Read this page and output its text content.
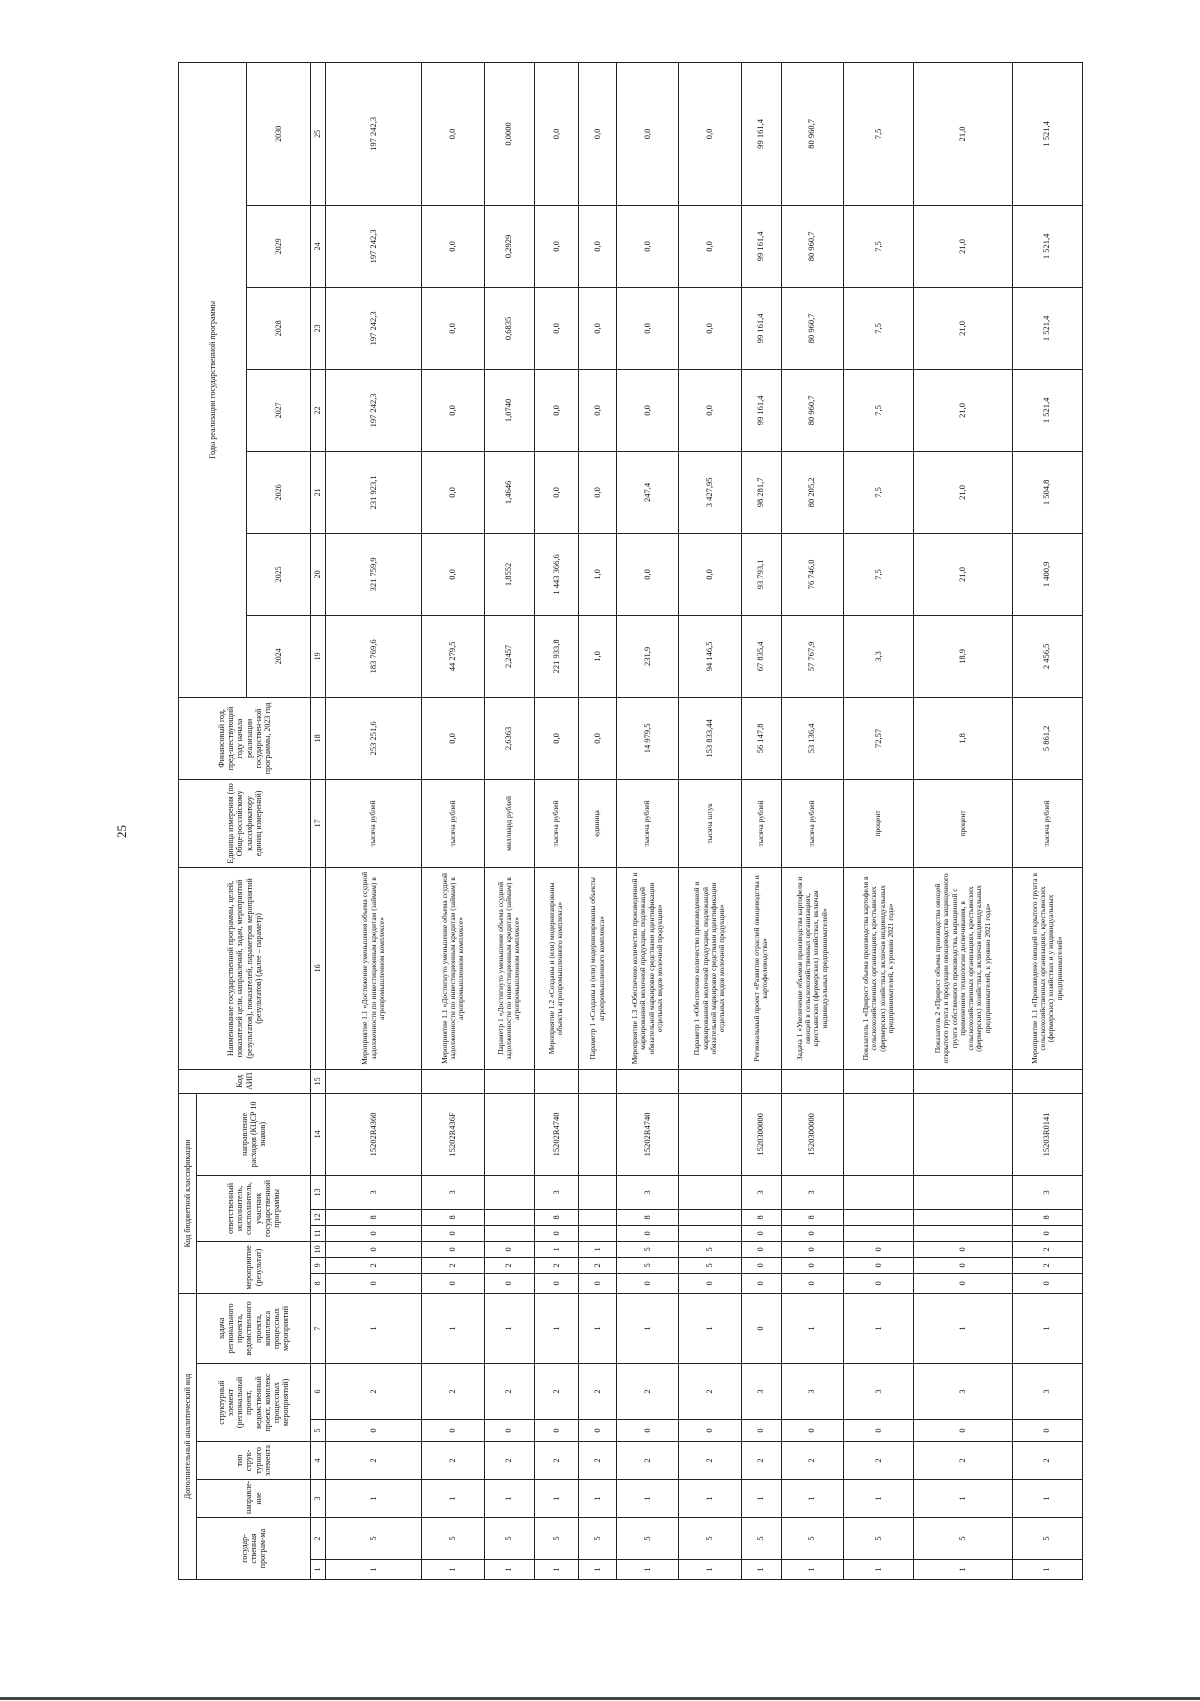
25
Дополнительный аналитический код							Код бюджетной классификации							Код АИП	Наименование государственной программы, целей, показателей цели, направлений, задач, мероприятий (результатов), показателей, параметров мероприятий (результатов) (далее – параметр)	Единица измерения (по Обще-российскому классификатору единиц измерений)	Финансовый год, пред-шествующий году начала реализации государствен-ной программы, 2023 год	Годы реализации государственной программы						
государ-ственная програм-ма		направле-ние	тип струк-турного элемента	структурный элемент (региональный проект, ведомственный проект, комплекс процессных мероприятий)		задача регионального проекта, ведомственного проекта, комплекса процессных мероприятий	мероприятие (результат)			ответственный исполнитель, соисполнитель, участник государственной программы			направление расходов (КЦСР 10 знаков)											
																		2024	2025	2026	2027	2028	2029	2030
1	2	3	4	5	6	7	8	9	10	11	12	13	14	15	16	17	18	19	20	21	22	23	24	25
1	5	1	2	0	2	1	0	2	0	0	8	3	15202R4360		Мероприятие 1.1 «Достижение уменьшения объема ссудной задолженности по инвестиционным кредитам (займам) в агропромышленном комплексе»	тысяча рублей	253 251,6	183 769,6	321 759,9	231 923,1	197 242,3	197 242,3	197 242,3	197 242,3
1	5	1	2	0	2	1	0	2	0	0	8	3	15202R436F		Мероприятие 1.1 «Достигнуто уменьшение объема ссудной задолженности по инвестиционным кредитам (займам) в агропромышленном комплексе»	тысяча рублей	0,0	44 279,5	0,0	0,0	0,0	0,0	0,0	0,0
1	5	1	2	0	2	1	0	2	0						Параметр 1 «Достигнуто уменьшение объема ссудной задолженности по инвестиционным кредитам (займам) в агропромышленном комплексе»	миллиард рублей	2,6363	2,2457	1,8552	1,4646	1,0740	0,6835	0,2929	0,0000
1	5	1	2	0	2	1	0	2	1	0	8	3	15202R4740		Мероприятие 1.2 «Созданы и (или) модернизированы объекты агропромышленного комплекса»	тысяча рублей	0,0	221 933,8	1 443 366,6	0,0	0,0	0,0	0,0	0,0
1	5	1	2	0	2	1	0	2	1						Параметр 1 «Созданы и (или) модернизированы объекты агропромышленного комплекса»	единица	0,0	1,0	1,0	0,0	0,0	0,0	0,0	0,0
1	5	1	2	0	2	1	0	5	5	0	8	3	15202R4740		Мероприятие 1.3 «Обеспечено количество произведенной и маркированной молочной продукции, подлежащей обязательной маркировке средствами идентификации отдельных видов молочной продукции»	тысяча рублей	14 979,5	231,9	0,0	247,4	0,0	0,0	0,0	0,0
1	5	1	2	0	2	1	0	5	5						Параметр 1 «Обеспечено количество произведенной и маркированной молочной продукции, подлежащей обязательной маркировке средствами идентификации отдельных видов молочной продукции»	тысяча штук	153 833,44	94 146,5	0,0	3 427,95	0,0	0,0	0,0	0,0
1	5	1	2	0	3	0	0	0	0	0	8	3	1520300000		Региональный проект «Развитие отраслей овощеводства и картофелеводства»	тысяча рублей	56 147,8	67 835,4	93 793,1	98 281,7	99 161,4	99 161,4	99 161,4	99 161,4
1	5	1	2	0	3	1	0	0	0	0	8	3	1520300000		Задача 1 «Увеличение объемов производства картофеля и овощей в сельскохозяйственных организациях, крестьянских (фермерских) хозяйствах, включая индивидуальных предпринимателей»	тысяча рублей	53 136,4	57 767,9	76 746,0	80 205,2	80 960,7	80 960,7	80 960,7	80 960,7
1	5	1	2	0	3	1	0	0	0						Показатель 1 «Прирост объема производства картофеля в сельскохозяйственных организациях, крестьянских (фермерских) хозяйствах, включая индивидуальных предпринимателей, к уровню 2021 года»	процент	72,57	3,3	7,5	7,5	7,5	7,5	7,5	7,5
1	5	1	2	0	3	1	0	0	0						Показатель 2 «Прирост объема производства овощей открытого грунта и продукции овощеводства защищенного грунта собственного производства, выращенной с применением технологии досвечивания, в сельскохозяйственных организациях, крестьянских (фермерских) хозяйствах, включая индивидуальных предпринимателей, к уровню 2021 года»	процент	1,8	18,9	21,0	21,0	21,0	21,0	21,0	21,0
1	5	1	2	0	3	1	0	2	2	0	8	3	15203R0141		Мероприятие 1.1 «Произведено овощей открытого грунта в сельскохозяйственных организациях, крестьянских (фермерских) хозяйствах и у индивидуальных предпринимателей»	тысяча рублей	5 861,2	2 456,5	1 400,9	1 504,8	1 521,4	1 521,4	1 521,4	1 521,4
